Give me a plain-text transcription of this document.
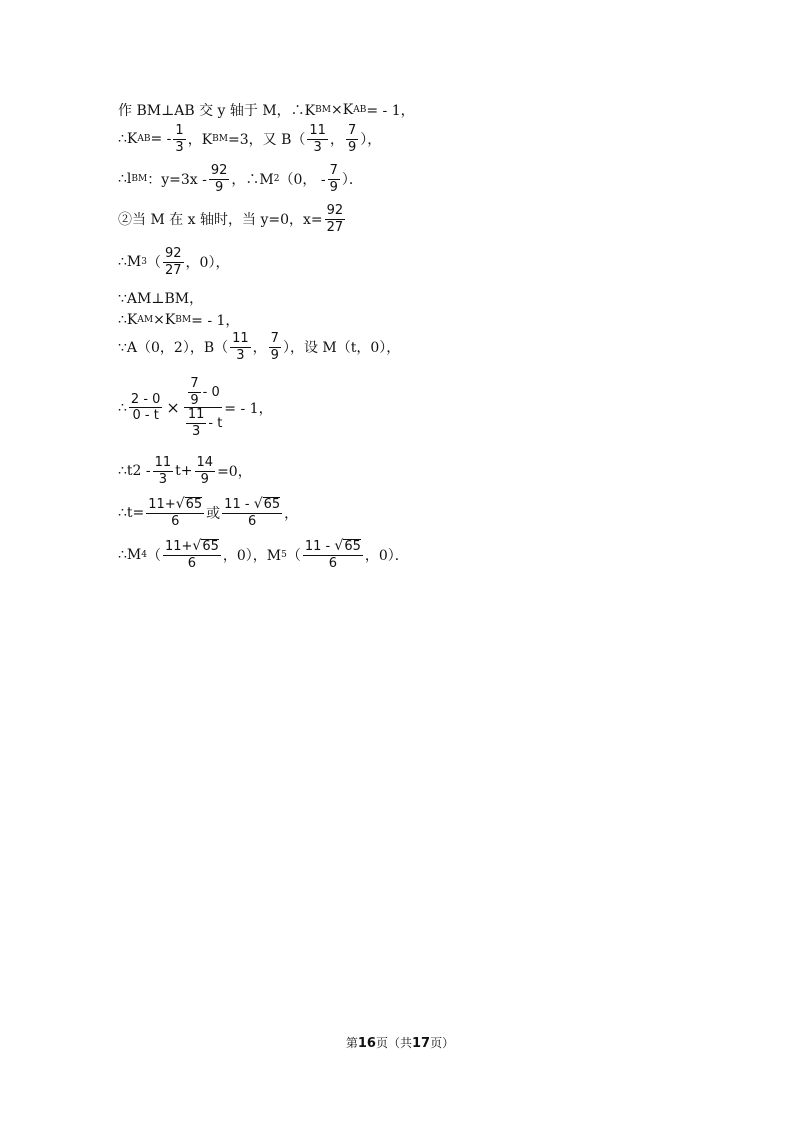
作 BM⊥AB 交 y 轴于 M，∴K BM ×K AB = - 1，
∴K AB = - $\frac{1}{3}$ ，K BM =3，又 $B( \frac{11}{3}$ ， $\frac{7}{9}$ ），
∴l BM ：$y=3x - \frac{92}{9}$ ，∴M 2 （0， - $\frac{7}{9}$ ）．
②当 M 在 x 轴时，当 y=0，$x= \frac{92}{27}$
∴M 3 （ $\frac{92}{27}$ ，0），
∵AM⊥BM，
∴K AM ×K BM = - 1，
∵A（0，2），$B( \frac{11}{3}$ ， $\frac{7}{9}$ ），设 M（t，0），
∴ $\frac{2 - 0}{0 - t} \times \frac{\frac{7}{9} - 0}{\frac{11}{3} - t}$ = - 1，
∴t2 - $\frac{11}{3} t+ \frac{14}{9} =0$，
∴t= $\frac{11+ √ 65}{6}$ 或 $\frac{11 - √ 65}{6}$ ，
∴M 4 （ $\frac{11+ √ 65}{6}$ ，0），M 5 （ $\frac{11 - √ 65}{6}$ ，0）．
第16页（共17页）
